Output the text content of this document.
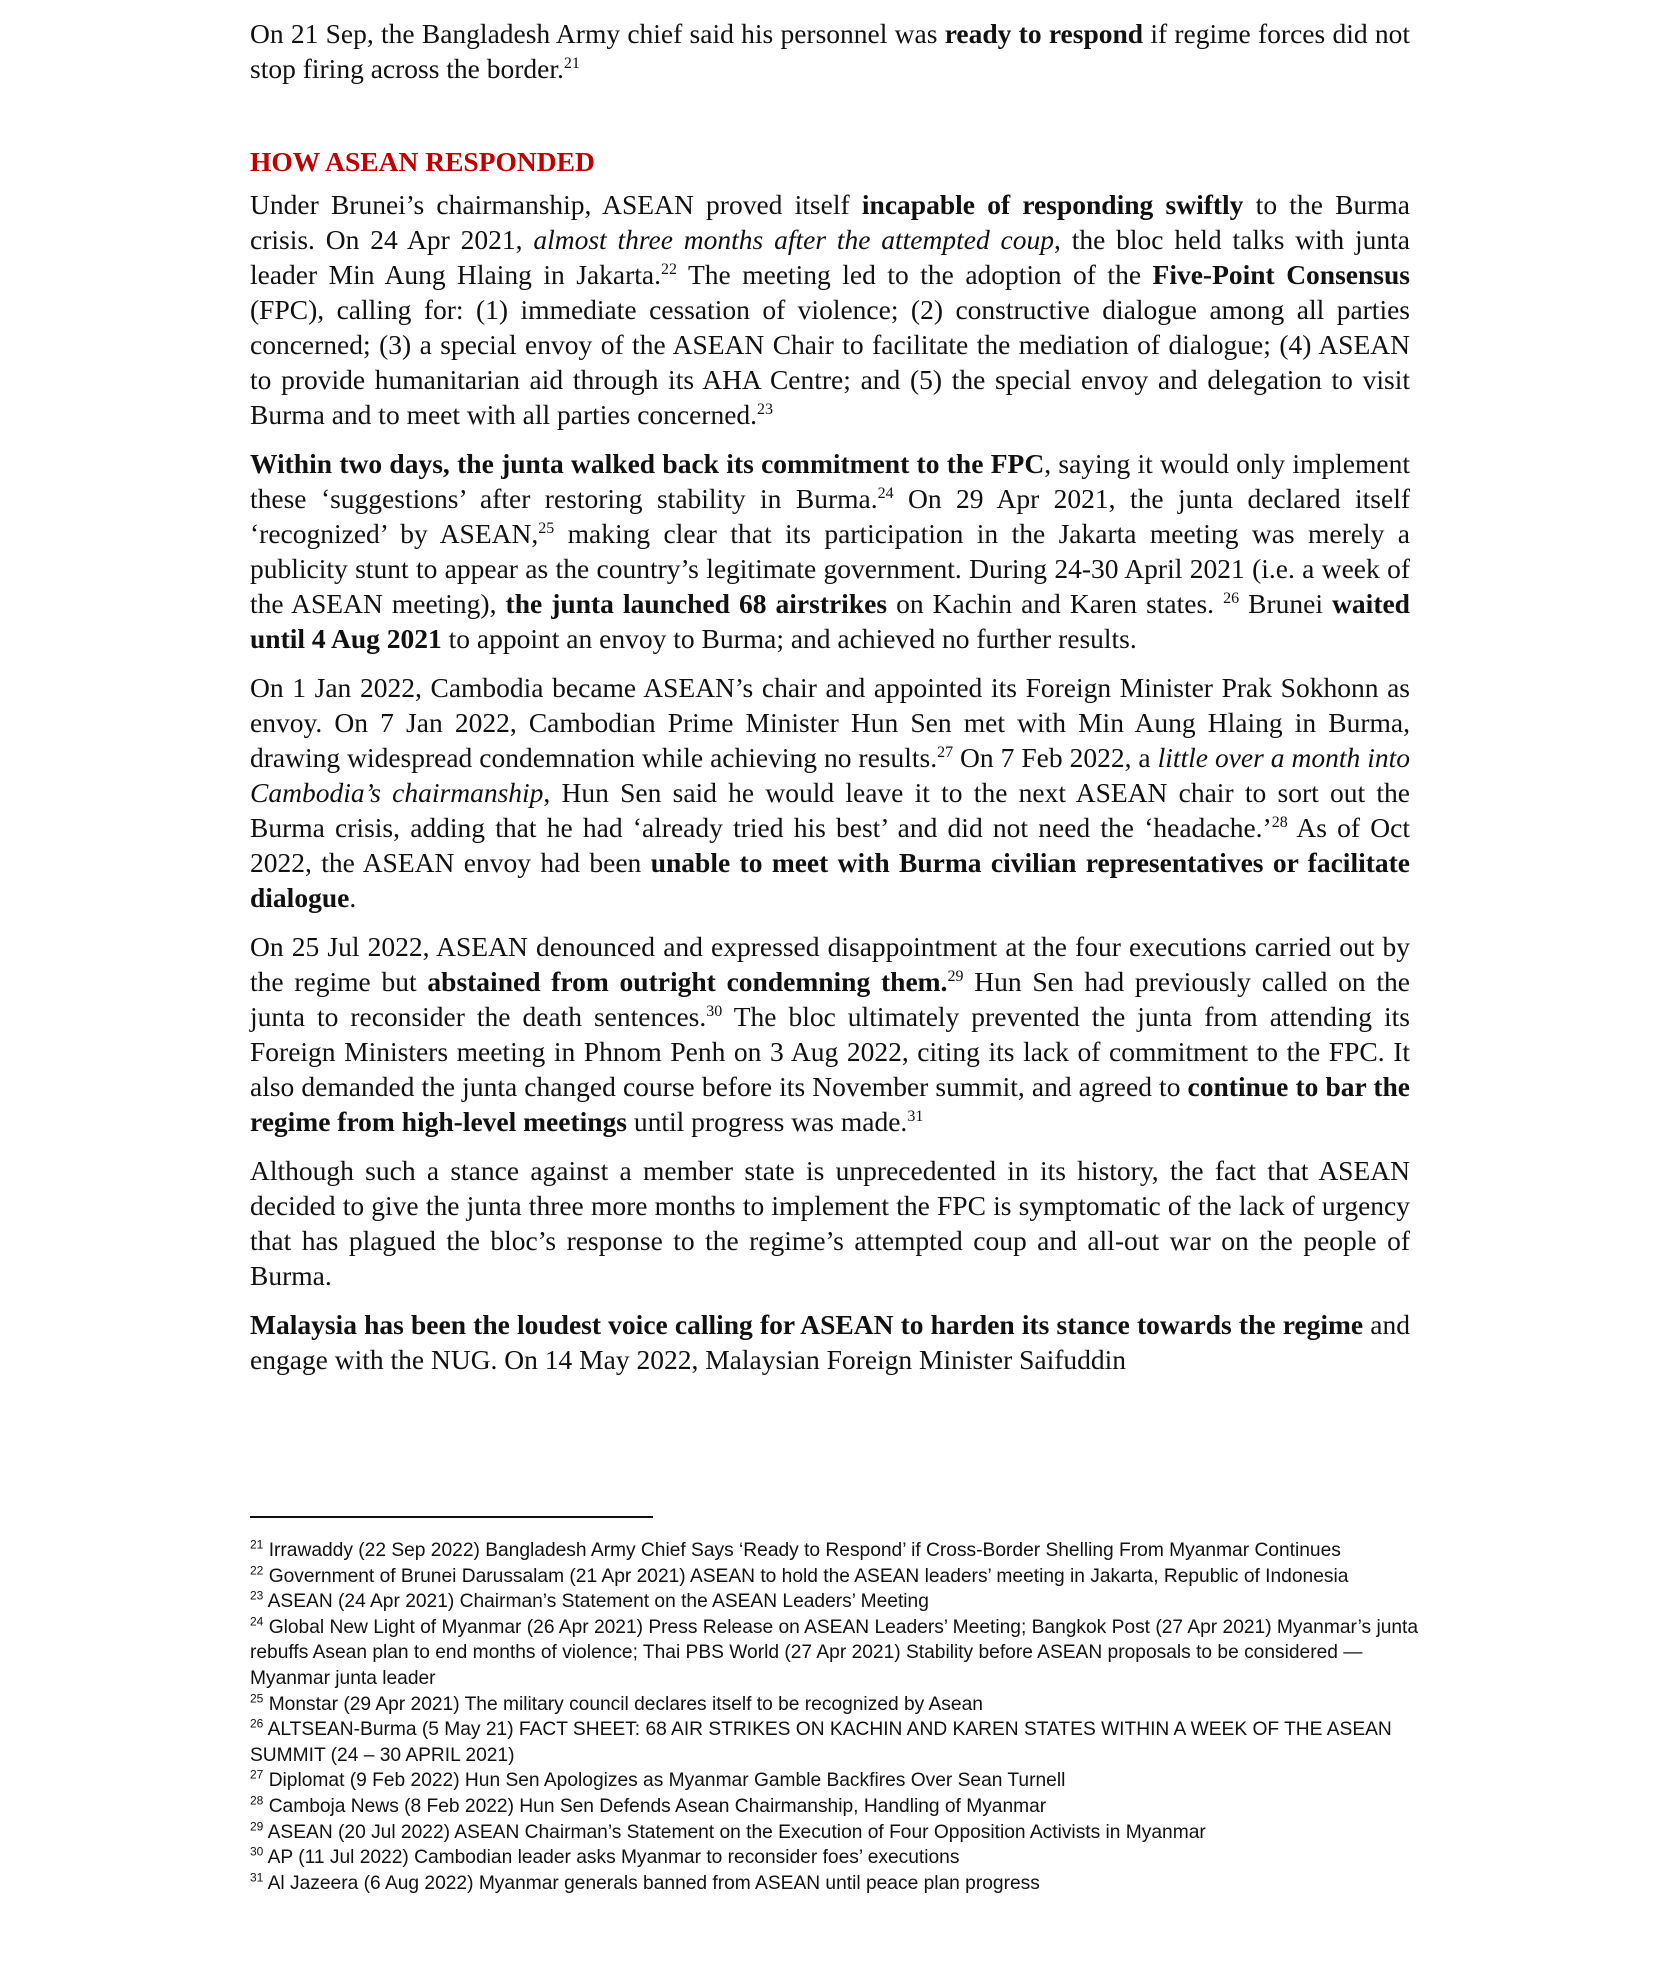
On 21 Sep, the Bangladesh Army chief said his personnel was ready to respond if regime forces did not stop firing across the border.$^{21}$

HOW ASEAN RESPONDED

Under Brunei’s chairmanship, ASEAN proved itself incapable of responding swiftly to the Burma crisis. On 24 Apr 2021, almost three months after the attempted coup, the bloc held talks with junta leader Min Aung Hlaing in Jakarta.$^{22}$ The meeting led to the adoption of the Five-Point Consensus (FPC), calling for: (1) immediate cessation of violence; (2) constructive dialogue among all parties concerned; (3) a special envoy of the ASEAN Chair to facilitate the mediation of dialogue; (4) ASEAN to provide humanitarian aid through its AHA Centre; and (5) the special envoy and delegation to visit Burma and to meet with all parties concerned.$^{23}$

Within two days, the junta walked back its commitment to the FPC, saying it would only implement these ‘suggestions’ after restoring stability in Burma.$^{24}$ On 29 Apr 2021, the junta declared itself ‘recognized’ by ASEAN,$^{25}$ making clear that its participation in the Jakarta meeting was merely a publicity stunt to appear as the country’s legitimate government. During 24-30 April 2021 (i.e. a week of the ASEAN meeting), the junta launched 68 airstrikes on Kachin and Karen states. $^{26}$ Brunei waited until 4 Aug 2021 to appoint an envoy to Burma; and achieved no further results.

On 1 Jan 2022, Cambodia became ASEAN’s chair and appointed its Foreign Minister Prak Sokhonn as envoy. On 7 Jan 2022, Cambodian Prime Minister Hun Sen met with Min Aung Hlaing in Burma, drawing widespread condemnation while achieving no results.$^{27}$ On 7 Feb 2022, a little over a month into Cambodia’s chairmanship, Hun Sen said he would leave it to the next ASEAN chair to sort out the Burma crisis, adding that he had ‘already tried his best’ and did not need the ‘headache.’$^{28}$ As of Oct 2022, the ASEAN envoy had been unable to meet with Burma civilian representatives or facilitate dialogue.

On 25 Jul 2022, ASEAN denounced and expressed disappointment at the four executions carried out by the regime but abstained from outright condemning them.$^{29}$ Hun Sen had previously called on the junta to reconsider the death sentences.$^{30}$ The bloc ultimately prevented the junta from attending its Foreign Ministers meeting in Phnom Penh on 3 Aug 2022, citing its lack of commitment to the FPC. It also demanded the junta changed course before its November summit, and agreed to continue to bar the regime from high-level meetings until progress was made.$^{31}$

Although such a stance against a member state is unprecedented in its history, the fact that ASEAN decided to give the junta three more months to implement the FPC is symptomatic of the lack of urgency that has plagued the bloc’s response to the regime’s attempted coup and all-out war on the people of Burma.

Malaysia has been the loudest voice calling for ASEAN to harden its stance towards the regime and engage with the NUG. On 14 May 2022, Malaysian Foreign Minister Saifuddin

$^{21}$ Irrawaddy (22 Sep 2022) Bangladesh Army Chief Says ‘Ready to Respond’ if Cross-Border Shelling From Myanmar Continues

$^{22}$ Government of Brunei Darussalam (21 Apr 2021) ASEAN to hold the ASEAN leaders’ meeting in Jakarta, Republic of Indonesia

$^{23}$ ASEAN (24 Apr 2021) Chairman’s Statement on the ASEAN Leaders’ Meeting

$^{24}$ Global New Light of Myanmar (26 Apr 2021) Press Release on ASEAN Leaders’ Meeting; Bangkok Post (27 Apr 2021) Myanmar’s junta rebuffs Asean plan to end months of violence; Thai PBS World (27 Apr 2021) Stability before ASEAN proposals to be considered — Myanmar junta leader

$^{25}$ Monstar (29 Apr 2021) The military council declares itself to be recognized by Asean

$^{26}$ ALTSEAN-Burma (5 May 21) FACT SHEET: 68 AIR STRIKES ON KACHIN AND KAREN STATES WITHIN A WEEK OF THE ASEAN SUMMIT (24 – 30 APRIL 2021)

$^{27}$ Diplomat (9 Feb 2022) Hun Sen Apologizes as Myanmar Gamble Backfires Over Sean Turnell

$^{28}$ Camboja News (8 Feb 2022) Hun Sen Defends Asean Chairmanship, Handling of Myanmar

$^{29}$ ASEAN (20 Jul 2022) ASEAN Chairman’s Statement on the Execution of Four Opposition Activists in Myanmar

$^{30}$ AP (11 Jul 2022) Cambodian leader asks Myanmar to reconsider foes’ executions

$^{31}$ Al Jazeera (6 Aug 2022) Myanmar generals banned from ASEAN until peace plan progress
